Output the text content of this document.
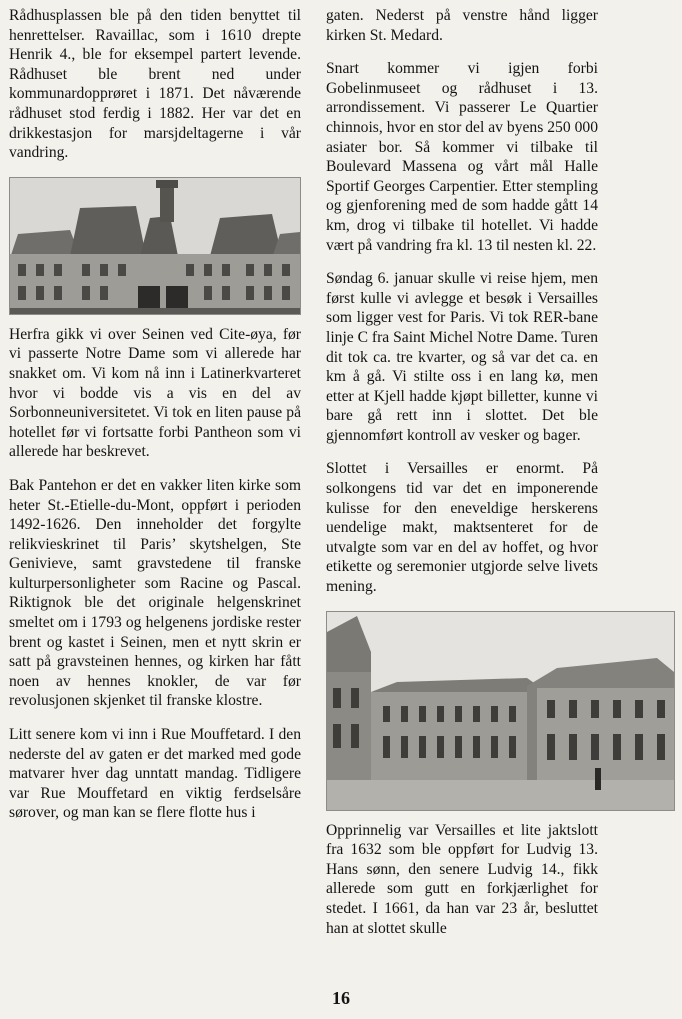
Rådhusplassen ble på den tiden benyttet til henrettelser. Ravaillac, som i 1610 drepte Henrik 4., ble for eksempel partert levende. Rådhuset ble brent ned under kommunardopprøret i 1871. Det nåværende rådhuset stod ferdig i 1882. Her var det en drikkestasjon for marsjdeltagerne i vår vandring.

Herfra gikk vi over Seinen ved Cite-øya, før vi passerte Notre Dame som vi allerede har snakket om. Vi kom nå inn i Latinerkvarteret hvor vi bodde vis a vis en del av Sorbonneuniversitetet. Vi tok en liten pause på hotellet før vi fortsatte forbi Pantheon som vi allerede har beskrevet.

Bak Pantehon er det en vakker liten kirke som heter St.-Etielle-du-Mont, oppført i perioden 1492-1626. Den inneholder det forgylte relikvieskrinet til Paris’ skytshelgen, Ste Genivieve, samt gravstedene til franske kulturpersonligheter som Racine og Pascal. Riktignok ble det originale helgenskrinet smeltet om i 1793 og helgenens jordiske rester brent og kastet i Seinen, men et nytt skrin er satt på gravsteinen hennes, og kirken har fått noen av hennes knokler, de var før revolusjonen skjenket til franske klostre.

Litt senere kom vi inn i Rue Mouffetard. I den nederste del av gaten er det marked med gode matvarer hver dag unntatt mandag. Tidligere var Rue Mouffetard en viktig ferdselsåre sørover, og man kan se flere flotte hus i

gaten. Nederst på venstre hånd ligger kirken St. Medard.

Snart kommer vi igjen forbi Gobelinmuseet og rådhuset i 13. arrondissement. Vi passerer Le Quartier chinnois, hvor en stor del av byens 250 000 asiater bor. Så kommer vi tilbake til Boulevard Massena og vårt mål Halle Sportif Georges Carpentier. Etter stempling og gjenforening med de som hadde gått 14 km, drog vi tilbake til hotellet. Vi hadde vært på vandring fra kl. 13 til nesten kl. 22.

Søndag 6. januar skulle vi reise hjem, men først kulle vi avlegge et besøk i Versailles som ligger vest for Paris. Vi tok RER-bane linje C fra Saint Michel Notre Dame. Turen dit tok ca. tre kvarter, og så var det ca. en km å gå. Vi stilte oss i en lang kø, men etter at Kjell hadde kjøpt billetter, kunne vi bare gå rett inn i slottet. Det ble gjennomført kontroll av vesker og bager.

Slottet i Versailles er enormt. På solkongens tid var det en imponerende kulisse for den eneveldige herskerens uendelige makt, maktsenteret for de utvalgte som var en del av hoffet, og hvor etikette og seremonier utgjorde selve livets mening.

Opprinnelig var Versailles et lite jaktslott fra 1632 som ble oppført for Ludvig 13. Hans sønn, den senere Ludvig 14., fikk allerede som gutt en forkjærlighet for stedet. I 1661, da han var 23 år, besluttet han at slottet skulle

16
